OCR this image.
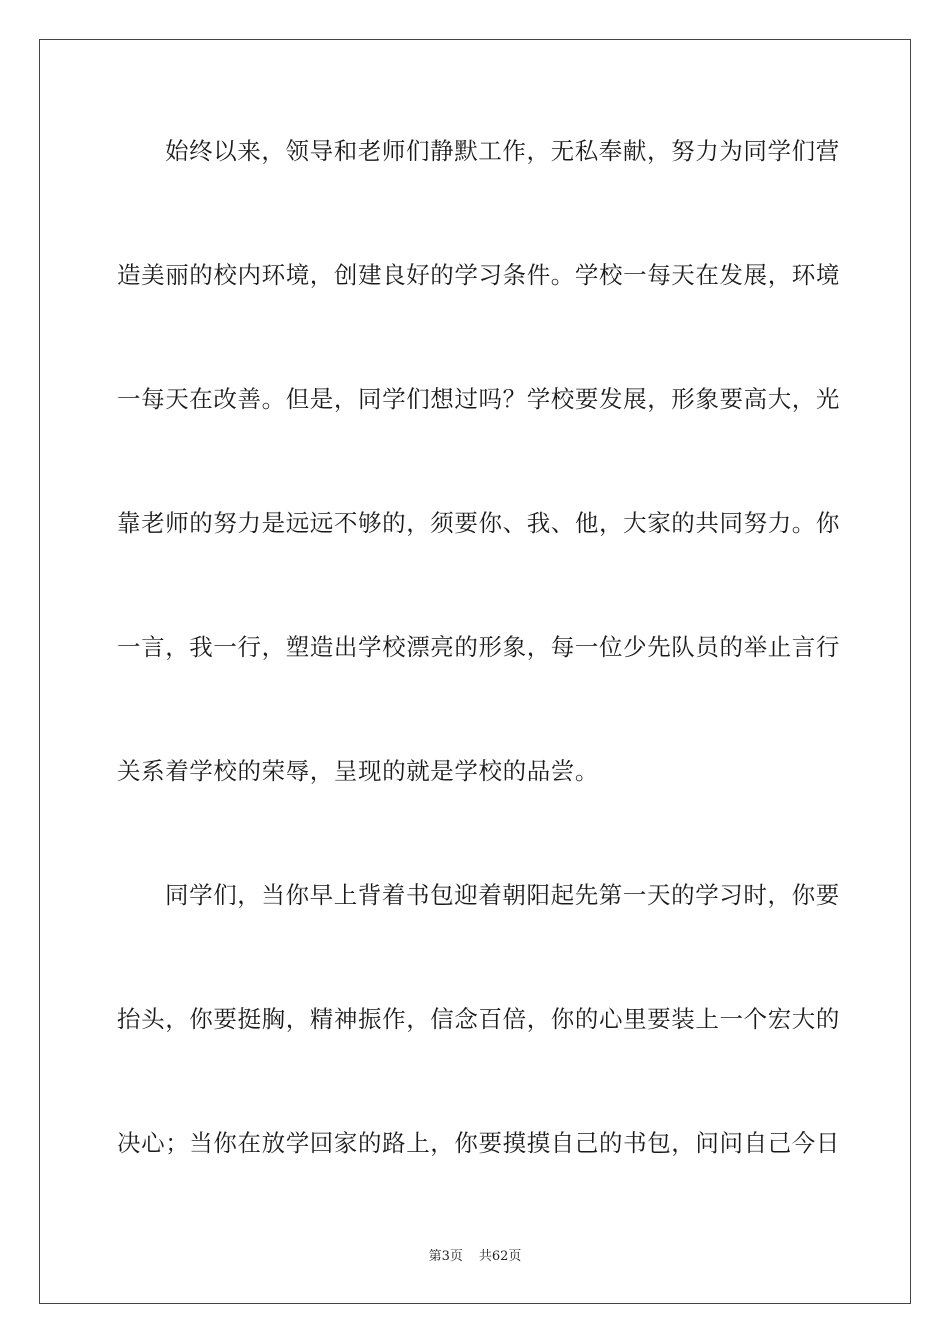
始终以来，领导和老师们静默工作，无私奉献，努力为同学们营
造美丽的校内环境，创建良好的学习条件。学校一每天在发展，环境
一每天在改善。但是，同学们想过吗？学校要发展，形象要高大，光
靠老师的努力是远远不够的，须要你、我、他，大家的共同努力。你
一言，我一行，塑造出学校漂亮的形象，每一位少先队员的举止言行
关系着学校的荣辱，呈现的就是学校的品尝。
同学们，当你早上背着书包迎着朝阳起先第一天的学习时，你要
抬头，你要挺胸，精神振作，信念百倍，你的心里要装上一个宏大的
决心；当你在放学回家的路上，你要摸摸自己的书包，问问自己今日
第3页 共62页
